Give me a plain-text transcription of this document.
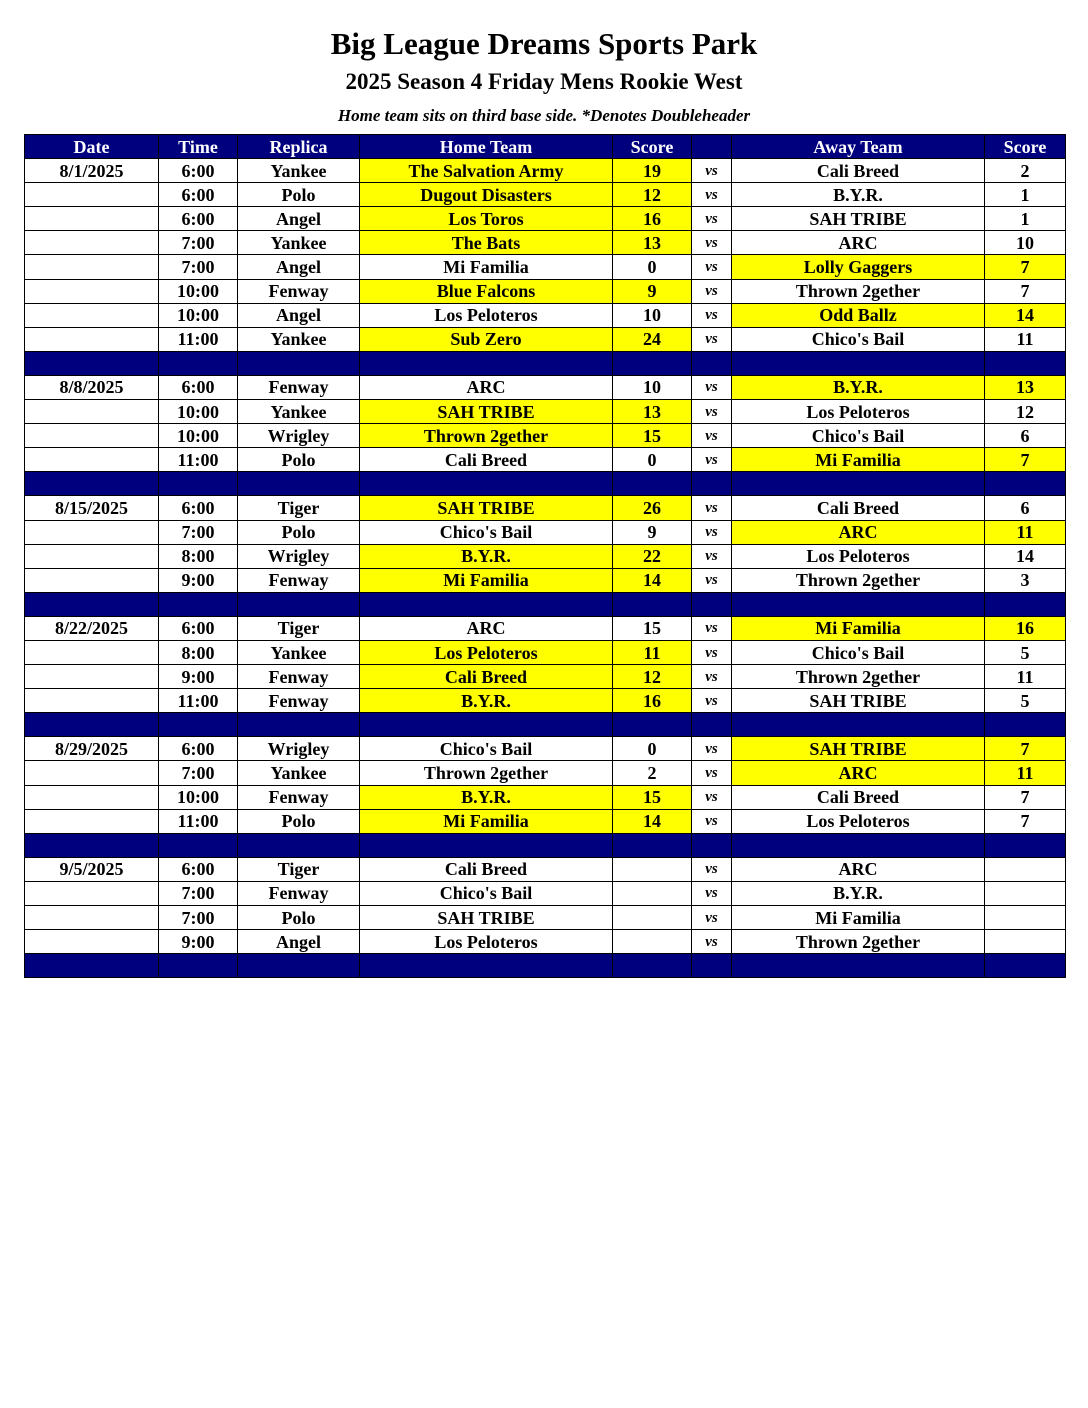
Big League Dreams Sports Park
2025 Season 4 Friday Mens Rookie West
Home team sits on third base side. *Denotes Doubleheader
Date	Time	Replica	Home Team	Score		Away Team	Score
8/1/2025	6:00	Yankee	The Salvation Army	19	vs	Cali Breed	2
	6:00	Polo	Dugout Disasters	12	vs	B.Y.R.	1
	6:00	Angel	Los Toros	16	vs	SAH TRIBE	1
	7:00	Yankee	The Bats	13	vs	ARC	10
	7:00	Angel	Mi Familia	0	vs	Lolly Gaggers	7
	10:00	Fenway	Blue Falcons	9	vs	Thrown 2gether	7
	10:00	Angel	Los Peloteros	10	vs	Odd Ballz	14
	11:00	Yankee	Sub Zero	24	vs	Chico's Bail	11

8/8/2025	6:00	Fenway	ARC	10	vs	B.Y.R.	13
	10:00	Yankee	SAH TRIBE	13	vs	Los Peloteros	12
	10:00	Wrigley	Thrown 2gether	15	vs	Chico's Bail	6
	11:00	Polo	Cali Breed	0	vs	Mi Familia	7

8/15/2025	6:00	Tiger	SAH TRIBE	26	vs	Cali Breed	6
	7:00	Polo	Chico's Bail	9	vs	ARC	11
	8:00	Wrigley	B.Y.R.	22	vs	Los Peloteros	14
	9:00	Fenway	Mi Familia	14	vs	Thrown 2gether	3

8/22/2025	6:00	Tiger	ARC	15	vs	Mi Familia	16
	8:00	Yankee	Los Peloteros	11	vs	Chico's Bail	5
	9:00	Fenway	Cali Breed	12	vs	Thrown 2gether	11
	11:00	Fenway	B.Y.R.	16	vs	SAH TRIBE	5

8/29/2025	6:00	Wrigley	Chico's Bail	0	vs	SAH TRIBE	7
	7:00	Yankee	Thrown 2gether	2	vs	ARC	11
	10:00	Fenway	B.Y.R.	15	vs	Cali Breed	7
	11:00	Polo	Mi Familia	14	vs	Los Peloteros	7

9/5/2025	6:00	Tiger	Cali Breed		vs	ARC	
	7:00	Fenway	Chico's Bail		vs	B.Y.R.	
	7:00	Polo	SAH TRIBE		vs	Mi Familia	
	9:00	Angel	Los Peloteros		vs	Thrown 2gether	
